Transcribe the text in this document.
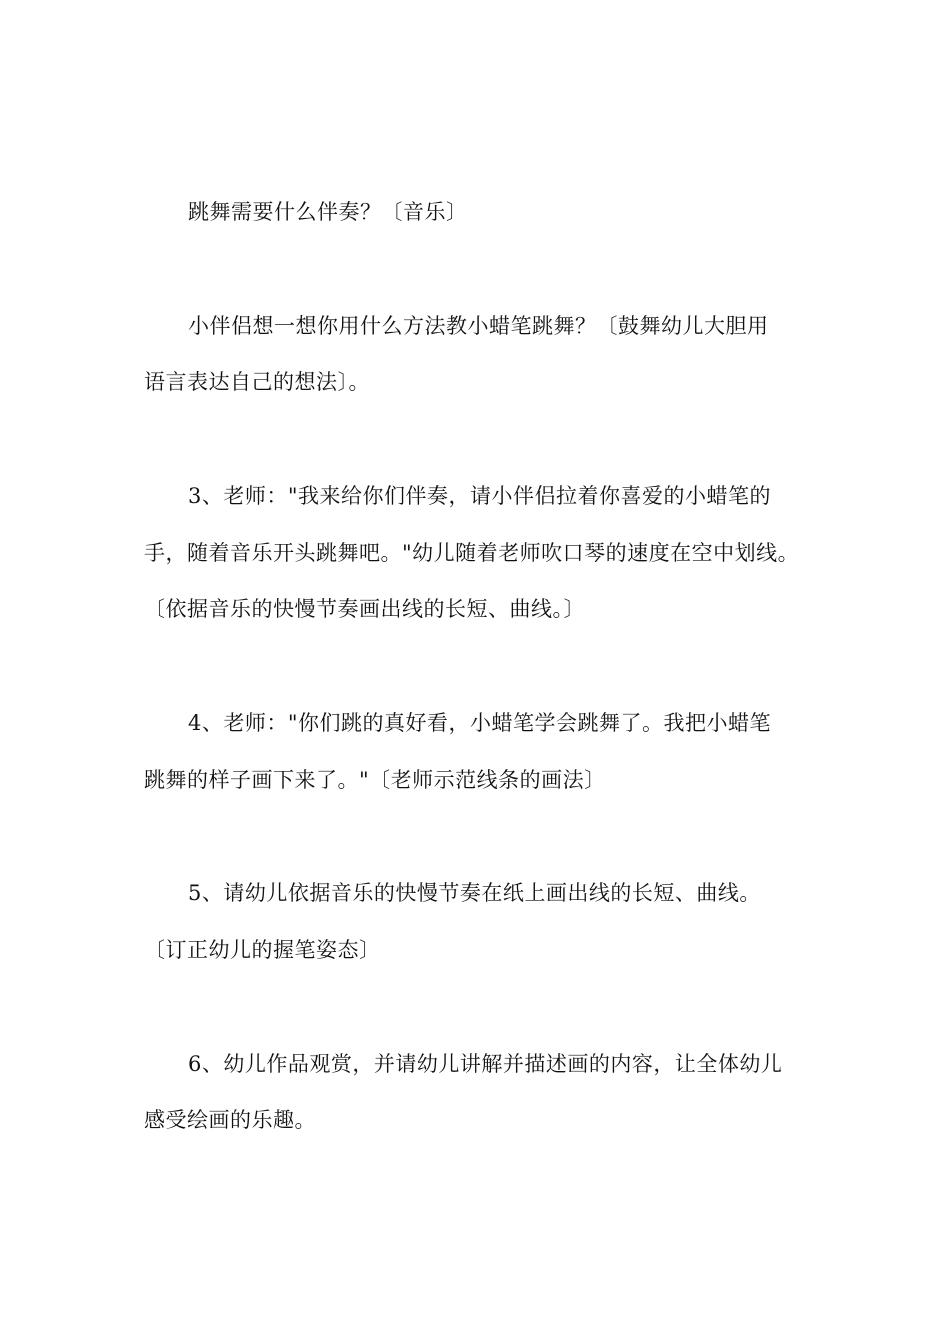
跳舞需要什么伴奏？〔音乐〕
小伴侣想一想你用什么方法教小蜡笔跳舞？〔鼓舞幼儿大胆用
语言表达自己的想法〕。
3、老师："我来给你们伴奏，请小伴侣拉着你喜爱的小蜡笔的
手，随着音乐开头跳舞吧。"幼儿随着老师吹口琴的速度在空中划线。
〔依据音乐的快慢节奏画出线的长短、曲线。〕
4、老师："你们跳的真好看，小蜡笔学会跳舞了。我把小蜡笔
跳舞的样子画下来了。"〔老师示范线条的画法〕
5、请幼儿依据音乐的快慢节奏在纸上画出线的长短、曲线。
〔订正幼儿的握笔姿态〕
6、幼儿作品观赏，并请幼儿讲解并描述画的内容，让全体幼儿
感受绘画的乐趣。
